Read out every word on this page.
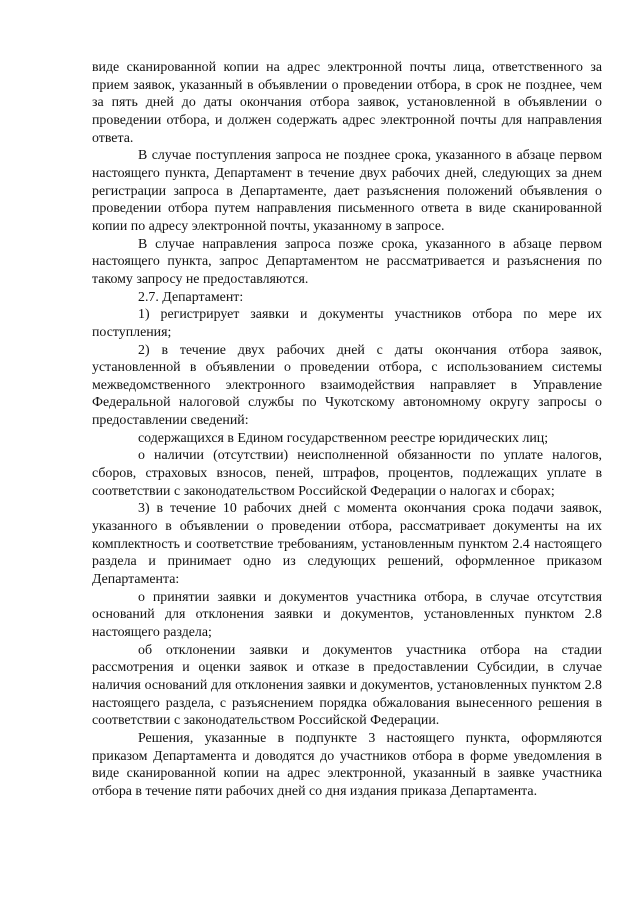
виде сканированной копии на адрес электронной почты лица, ответственного за прием заявок, указанный в объявлении о проведении отбора, в срок не позднее, чем за пять дней до даты окончания отбора заявок, установленной в объявлении о проведении отбора, и должен содержать адрес электронной почты для направления ответа.

В случае поступления запроса не позднее срока, указанного в абзаце первом настоящего пункта, Департамент в течение двух рабочих дней, следующих за днем регистрации запроса в Департаменте, дает разъяснения положений объявления о проведении отбора путем направления письменного ответа в виде сканированной копии по адресу электронной почты, указанному в запросе.

В случае направления запроса позже срока, указанного в абзаце первом настоящего пункта, запрос Департаментом не рассматривается и разъяснения по такому запросу не предоставляются.

2.7. Департамент:

1) регистрирует заявки и документы участников отбора по мере их поступления;

2) в течение двух рабочих дней с даты окончания отбора заявок, установленной в объявлении о проведении отбора, с использованием системы межведомственного электронного взаимодействия направляет в Управление Федеральной налоговой службы по Чукотскому автономному округу запросы о предоставлении сведений:

содержащихся в Едином государственном реестре юридических лиц;

о наличии (отсутствии) неисполненной обязанности по уплате налогов, сборов, страховых взносов, пеней, штрафов, процентов, подлежащих уплате в соответствии с законодательством Российской Федерации о налогах и сборах;

3) в течение 10 рабочих дней с момента окончания срока подачи заявок, указанного в объявлении о проведении отбора, рассматривает документы на их комплектность и соответствие требованиям, установленным пунктом 2.4 настоящего раздела и принимает одно из следующих решений, оформленное приказом Департамента:

о принятии заявки и документов участника отбора, в случае отсутствия оснований для отклонения заявки и документов, установленных пунктом 2.8 настоящего раздела;

об отклонении заявки и документов участника отбора на стадии рассмотрения и оценки заявок и отказе в предоставлении Субсидии, в случае наличия оснований для отклонения заявки и документов, установленных пунктом 2.8 настоящего раздела, с разъяснением порядка обжалования вынесенного решения в соответствии с законодательством Российской Федерации.

Решения, указанные в подпункте 3 настоящего пункта, оформляются приказом Департамента и доводятся до участников отбора в форме уведомления в виде сканированной копии на адрес электронной, указанный в заявке участника отбора в течение пяти рабочих дней со дня издания приказа Департамента.
